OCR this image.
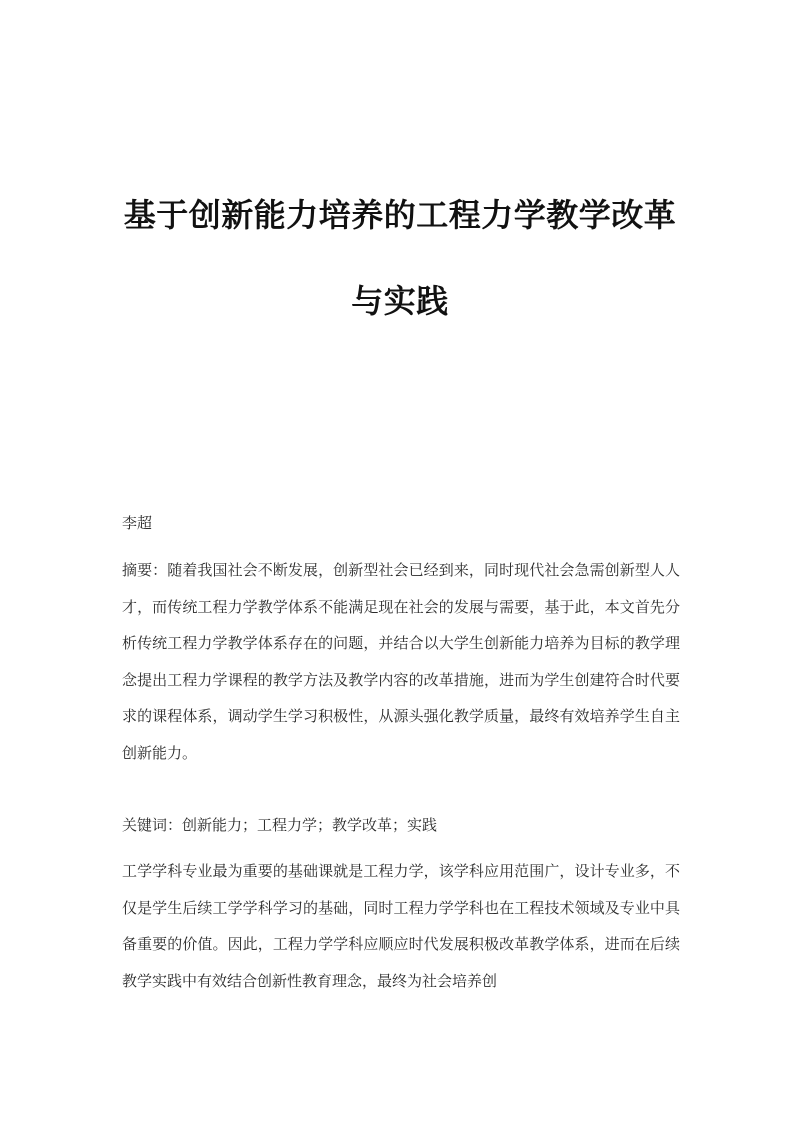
基于创新能力培养的工程力学教学改革
与实践

李超

摘要：随着我国社会不断发展，创新型社会已经到来，同时现代社会急需创新型人人才，而传统工程力学教学体系不能满足现在社会的发展与需要，基于此，本文首先分析传统工程力学教学体系存在的问题，并结合以大学生创新能力培养为目标的教学理念提出工程力学课程的教学方法及教学内容的改革措施，进而为学生创建符合时代要求的课程体系，调动学生学习积极性，从源头强化教学质量，最终有效培养学生自主创新能力。

关键词：创新能力；工程力学；教学改革；实践

工学学科专业最为重要的基础课就是工程力学，该学科应用范围广，设计专业多，不仅是学生后续工学学科学习的基础，同时工程力学学科也在工程技术领域及专业中具备重要的价值。因此，工程力学学科应顺应时代发展积极改革教学体系，进而在后续教学实践中有效结合创新性教育理念，最终为社会培养创
